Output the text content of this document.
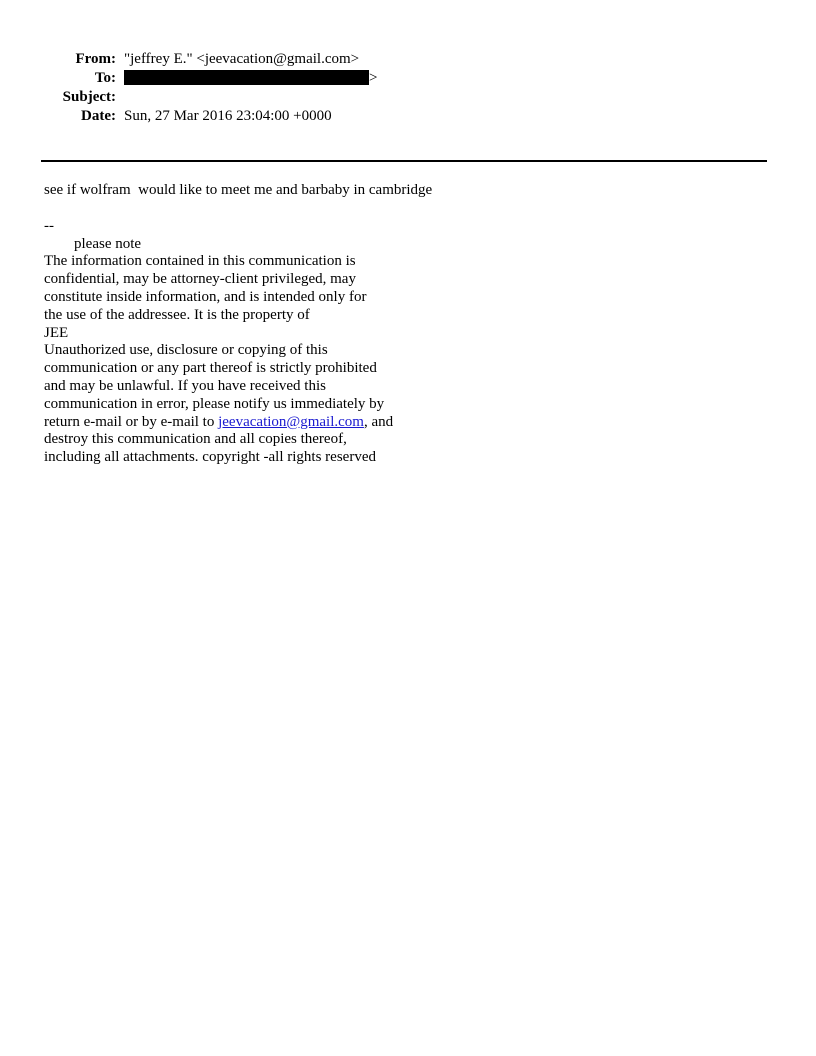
From: "jeffrey E." <jeevacation@gmail.com>
To:	>
Subject:
Date: Sun, 27 Mar 2016 23:04:00 +0000

see if wolfram  would like to meet me and barbaby in cambridge

--

please note

The information contained in this communication is
confidential, may be attorney-client privileged, may
constitute inside information, and is intended only for
the use of the addressee. It is the property of
JEE
Unauthorized use, disclosure or copying of this
communication or any part thereof is strictly prohibited
and may be unlawful. If you have received this
communication in error, please notify us immediately by
return e-mail or by e-mail to jeevacation@gmail.com, and
destroy this communication and all copies thereof,
including all attachments. copyright -all rights reserved
